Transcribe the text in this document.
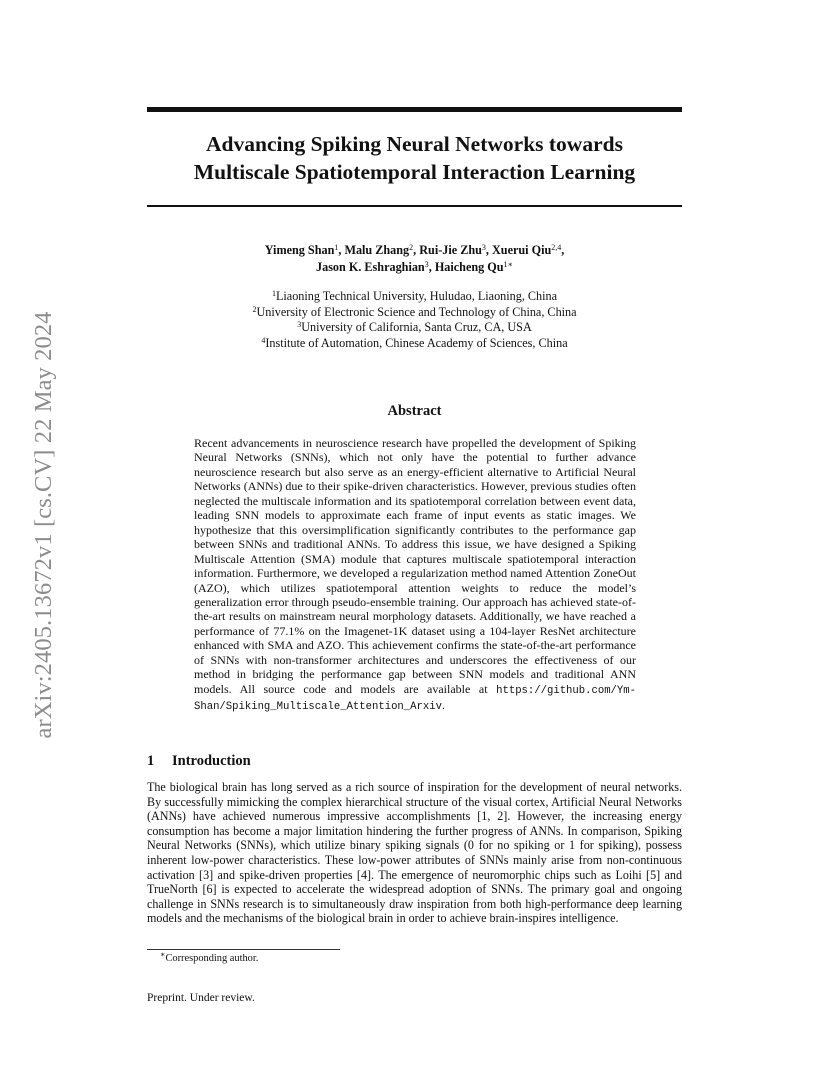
arXiv:2405.13672v1 [cs.CV] 22 May 2024
Advancing Spiking Neural Networks towards
Multiscale Spatiotemporal Interaction Learning
Yimeng Shan$^1$, Malu Zhang$^2$, Rui-Jie Zhu$^3$, Xuerui Qiu$^{2,4}$,
Jason K. Eshraghian$^3$, Haicheng $Qu^{1∗}$
$^1$Liaoning Technical University, Huludao, Liaoning, China
$^2$University of Electronic Science and Technology of China, China
$^3$University of California, Santa Cruz, CA, USA
$^4$Institute of Automation, Chinese Academy of Sciences, China
Abstract
Recent advancements in neuroscience research have propelled the development of Spiking Neural Networks (SNNs), which not only have the potential to further advance neuroscience research but also serve as an energy-efficient alternative to Artificial Neural Networks (ANNs) due to their spike-driven characteristics. However, previous studies often neglected the multiscale information and its spatiotemporal correlation between event data, leading SNN models to approximate each frame of input events as static images. We hypothesize that this oversimplification significantly contributes to the performance gap between SNNs and traditional ANNs. To address this issue, we have designed a Spiking Multiscale Attention (SMA) module that captures multiscale spatiotemporal interaction information. Furthermore, we developed a regularization method named Attention ZoneOut (AZO), which utilizes spatiotemporal attention weights to reduce the model’s generalization error through pseudo-ensemble training. Our approach has achieved state-of-the-art results on mainstream neural morphology datasets. Additionally, we have reached a performance of 77.1% on the Imagenet-1K dataset using a 104-layer ResNet architecture enhanced with SMA and AZO. This achievement confirms the state-of-the-art performance of SNNs with non-transformer architectures and underscores the effectiveness of our method in bridging the performance gap between SNN models and traditional ANN models. All source code and models are available at https://github.com/Ym-Shan/Spiking_Multiscale_Attention_Arxiv.
1 Introduction
The biological brain has long served as a rich source of inspiration for the development of neural networks. By successfully mimicking the complex hierarchical structure of the visual cortex, Artificial Neural Networks (ANNs) have achieved numerous impressive accomplishments [1, 2]. However, the increasing energy consumption has become a major limitation hindering the further progress of ANNs. In comparison, Spiking Neural Networks (SNNs), which utilize binary spiking signals (0 for no spiking or 1 for spiking), possess inherent low-power characteristics. These low-power attributes of SNNs mainly arise from non-continuous activation [3] and spike-driven properties [4]. The emergence of neuromorphic chips such as Loihi [5] and TrueNorth [6] is expected to accelerate the widespread adoption of SNNs. The primary goal and ongoing challenge in SNNs research is to simultaneously draw inspiration from both high-performance deep learning models and the mechanisms of the biological brain in order to achieve brain-inspires intelligence.
∗Corresponding author.
Preprint. Under review.
